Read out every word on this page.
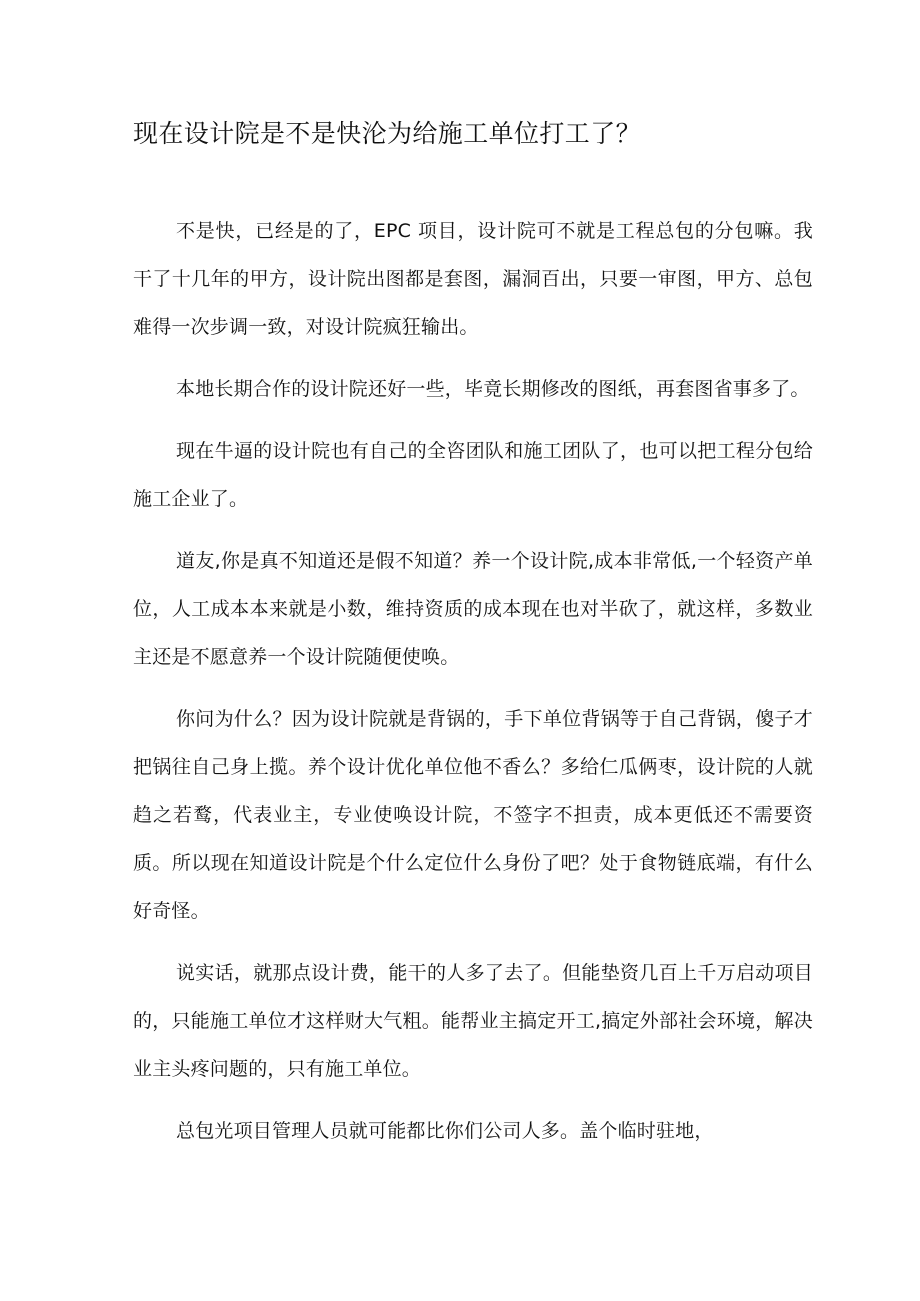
现在设计院是不是快沦为给施工单位打工了？

不是快，已经是的了，EPC 项目，设计院可不就是工程总包的分包嘛。我干了十几年的甲方，设计院出图都是套图，漏洞百出，只要一审图，甲方、总包难得一次步调一致，对设计院疯狂输出。

本地长期合作的设计院还好一些，毕竟长期修改的图纸，再套图省事多了。

现在牛逼的设计院也有自己的全咨团队和施工团队了，也可以把工程分包给施工企业了。

道友,你是真不知道还是假不知道？养一个设计院,成本非常低,一个轻资产单位，人工成本本来就是小数，维持资质的成本现在也对半砍了，就这样，多数业主还是不愿意养一个设计院随便使唤。

你问为什么？因为设计院就是背锅的，手下单位背锅等于自己背锅，傻子才把锅往自己身上揽。养个设计优化单位他不香么？多给仁瓜俩枣，设计院的人就趋之若鹜，代表业主，专业使唤设计院，不签字不担责，成本更低还不需要资质。所以现在知道设计院是个什么定位什么身份了吧？处于食物链底端，有什么好奇怪。

说实话，就那点设计费，能干的人多了去了。但能垫资几百上千万启动项目的，只能施工单位才这样财大气粗。能帮业主搞定开工,搞定外部社会环境，解决业主头疼问题的，只有施工单位。

总包光项目管理人员就可能都比你们公司人多。盖个临时驻地，
